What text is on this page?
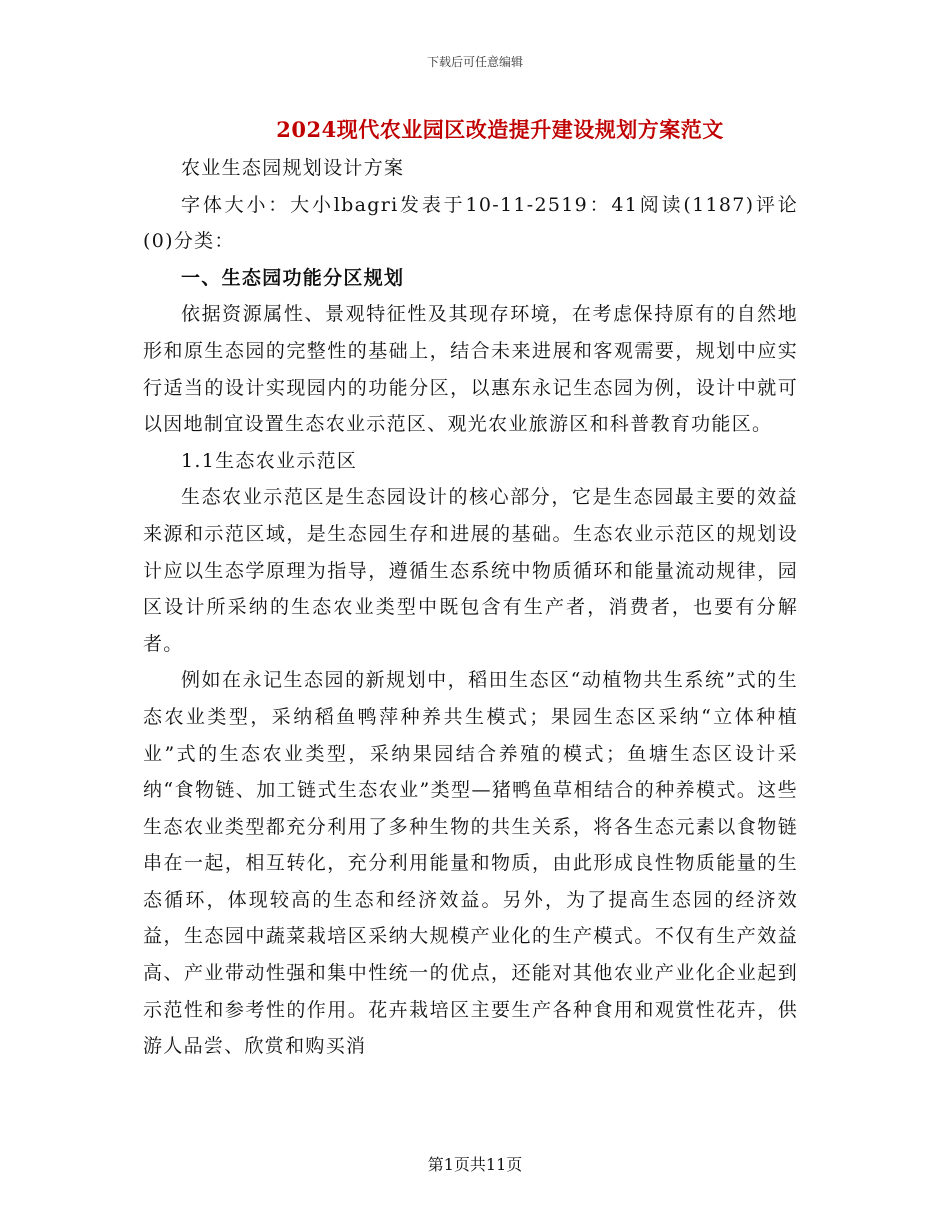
下载后可任意编辑
2024现代农业园区改造提升建设规划方案范文

农业生态园规划设计方案

字体大小：大小lbagri发表于10-11-2519：41阅读(1187)评论(0)分类：

一、生态园功能分区规划

依据资源属性、景观特征性及其现存环境，在考虑保持原有的自然地形和原生态园的完整性的基础上，结合未来进展和客观需要，规划中应实行适当的设计实现园内的功能分区，以惠东永记生态园为例，设计中就可以因地制宜设置生态农业示范区、观光农业旅游区和科普教育功能区。

1.1生态农业示范区

生态农业示范区是生态园设计的核心部分，它是生态园最主要的效益来源和示范区域，是生态园生存和进展的基础。生态农业示范区的规划设计应以生态学原理为指导，遵循生态系统中物质循环和能量流动规律，园区设计所采纳的生态农业类型中既包含有生产者，消费者，也要有分解者。

例如在永记生态园的新规划中，稻田生态区“动植物共生系统”式的生态农业类型，采纳稻鱼鸭萍种养共生模式；果园生态区采纳“立体种植业”式的生态农业类型，采纳果园结合养殖的模式；鱼塘生态区设计采纳“食物链、加工链式生态农业”类型—猪鸭鱼草相结合的种养模式。这些生态农业类型都充分利用了多种生物的共生关系，将各生态元素以食物链串在一起，相互转化，充分利用能量和物质，由此形成良性物质能量的生态循环，体现较高的生态和经济效益。另外，为了提高生态园的经济效益，生态园中蔬菜栽培区采纳大规模产业化的生产模式。不仅有生产效益高、产业带动性强和集中性统一的优点，还能对其他农业产业化企业起到示范性和参考性的作用。花卉栽培区主要生产各种食用和观赏性花卉，供游人品尝、欣赏和购买消

第1页共11页
